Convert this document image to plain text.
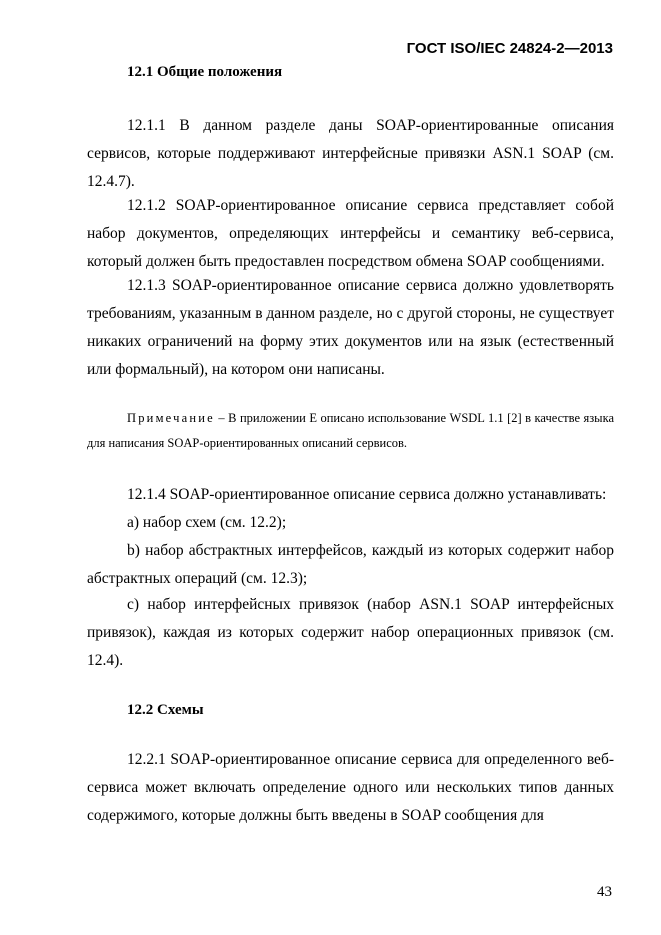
ГОСТ ISO/IEC 24824-2—2013
12.1 Общие положения

12.1.1 В данном разделе даны SOAP-ориентированные описания сервисов, которые поддерживают интерфейсные привязки ASN.1 SOAP (см. 12.4.7).

12.1.2 SOAP-ориентированное описание сервиса представляет собой набор документов, определяющих интерфейсы и семантику веб-сервиса, который должен быть предоставлен посредством обмена SOAP сообщениями.

12.1.3 SOAP-ориентированное описание сервиса должно удовлетворять требованиям, указанным в данном разделе, но с другой стороны, не существует никаких ограничений на форму этих документов или на язык (естественный или формальный), на котором они написаны.

Примечание – В приложении Е описано использование WSDL 1.1 [2] в качестве языка для написания SOAP-ориентированных описаний сервисов.

12.1.4 SOAP-ориентированное описание сервиса должно устанавливать:

а) набор схем (см. 12.2);

b) набор абстрактных интерфейсов, каждый из которых содержит набор абстрактных операций (см. 12.3);

с) набор интерфейсных привязок (набор ASN.1 SOAP интерфейсных привязок), каждая из которых содержит набор операционных привязок (см. 12.4).

12.2 Схемы

12.2.1 SOAP-ориентированное описание сервиса для определенного веб-сервиса может включать определение одного или нескольких типов данных содержимого, которые должны быть введены в SOAP сообщения для

43
